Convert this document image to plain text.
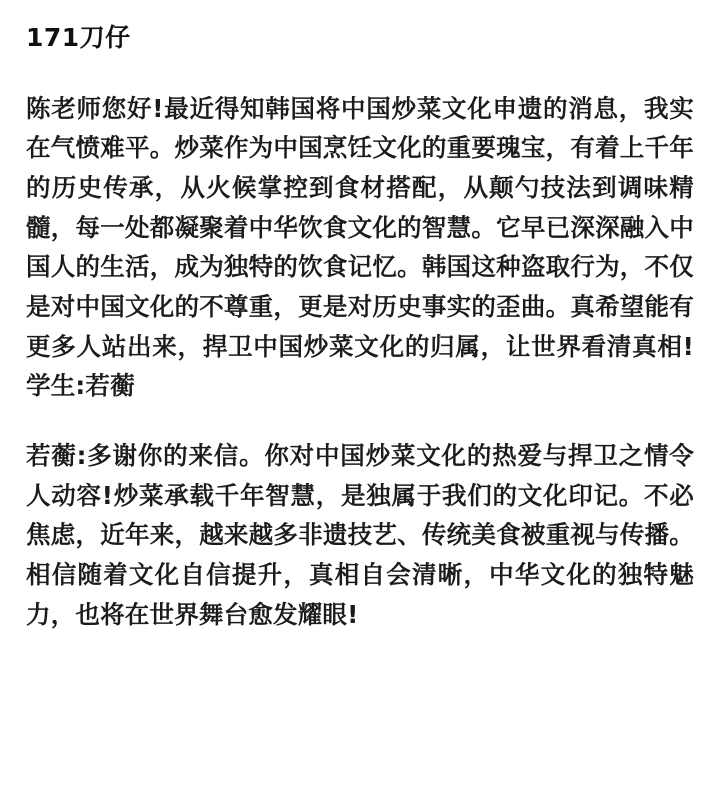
171刀仔

陈老师您好!最近得知韩国将中国炒菜文化申遗的消息，我实在气愤难平。炒菜作为中国烹饪文化的重要瑰宝，有着上千年的历史传承，从火候掌控到食材搭配，从颠勺技法到调味精髓，每一处都凝聚着中华饮食文化的智慧。它早已深深融入中国人的生活，成为独特的饮食记忆。韩国这种盗取行为，不仅是对中国文化的不尊重，更是对历史事实的歪曲。真希望能有更多人站出来，捍卫中国炒菜文化的归属，让世界看清真相!学生:若蘅

若蘅:多谢你的来信。你对中国炒菜文化的热爱与捍卫之情令人动容!炒菜承载千年智慧，是独属于我们的文化印记。不必焦虑，近年来，越来越多非遗技艺、传统美食被重视与传播。相信随着文化自信提升，真相自会清晰，中华文化的独特魅力，也将在世界舞台愈发耀眼!
